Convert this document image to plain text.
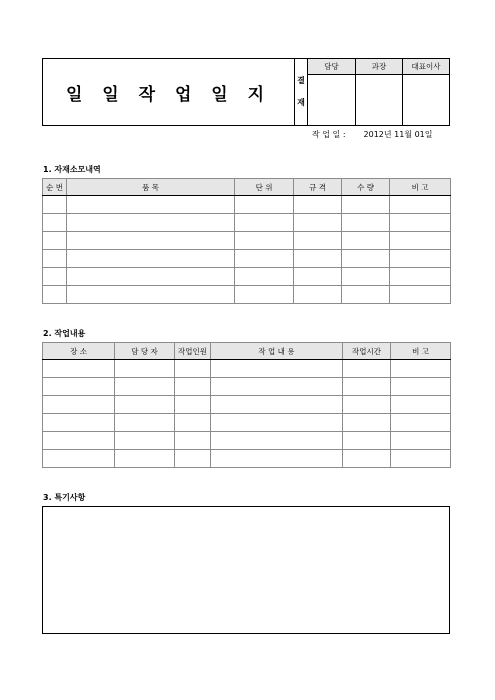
일 일 작 업 일 지
결
재
담당	과장	대표이사
작 업 일 : 2012년 11월 01일
1. 자재소모내역
순 번	품 목	단 위	규 격	수 량	비 고

2. 작업내용
장 소	담 당 자	작업인원	작 업 내 용	작업시간	비 고

3. 특기사항
